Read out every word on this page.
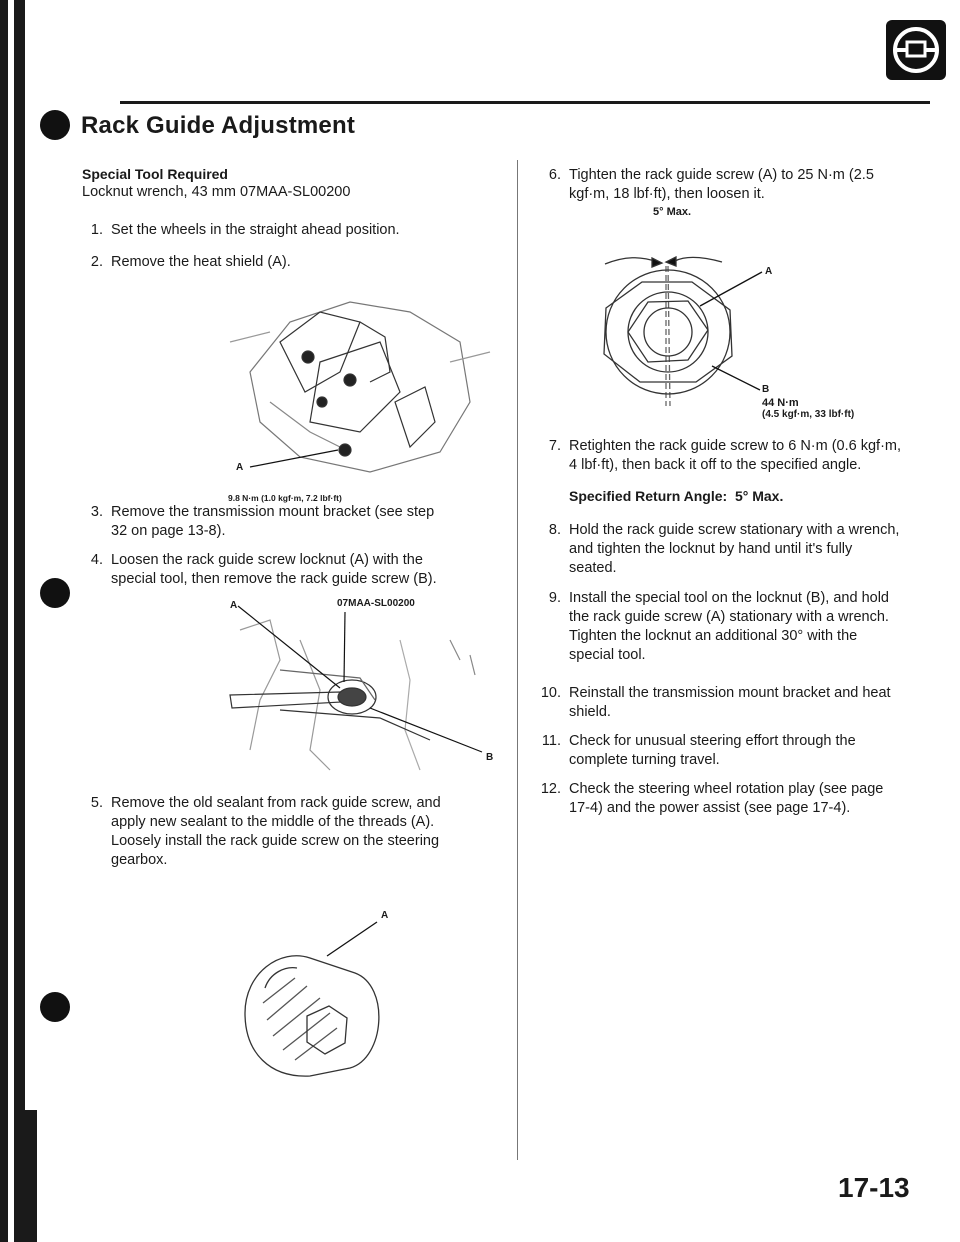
Rack Guide Adjustment
Special Tool Required
Locknut wrench, 43 mm 07MAA-SL00200
1. Set the wheels in the straight ahead position.
2. Remove the heat shield (A).
A
9.8 N·m (1.0 kgf·m, 7.2 lbf·ft)
3. Remove the transmission mount bracket (see step
32 on page 13-8).
4. Loosen the rack guide screw locknut (A) with the
special tool, then remove the rack guide screw (B).
A	07MAA-SL00200
B
5. Remove the old sealant from rack guide screw, and
apply new sealant to the middle of the threads (A).
Loosely install the rack guide screw on the steering
gearbox.
A
6. Tighten the rack guide screw (A) to 25 N·m (2.5
kgf·m, 18 lbf·ft), then loosen it.
5° Max.
A
B
44 N·m
(4.5 kgf·m, 33 lbf·ft)
7. Retighten the rack guide screw to 6 N·m (0.6 kgf·m,
4 lbf·ft), then back it off to the specified angle.
Specified Return Angle: 5° Max.
8. Hold the rack guide screw stationary with a wrench,
and tighten the locknut by hand until it's fully
seated.
9. Install the special tool on the locknut (B), and hold
the rack guide screw (A) stationary with a wrench.
Tighten the locknut an additional 30° with the
special tool.
10. Reinstall the transmission mount bracket and heat
shield.
11. Check for unusual steering effort through the
complete turning travel.
12. Check the steering wheel rotation play (see page
17-4) and the power assist (see page 17-4).
17-13
